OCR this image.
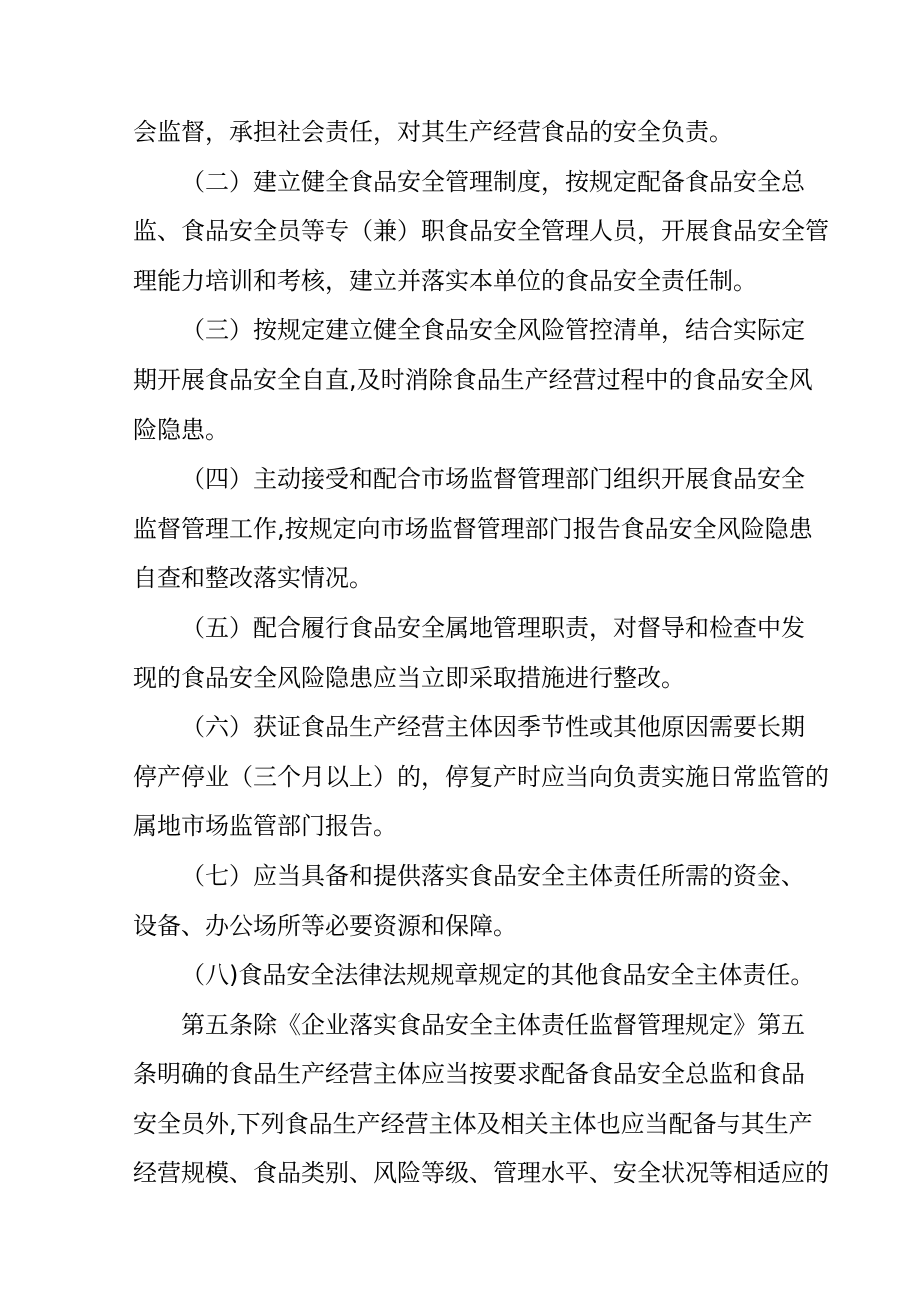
会监督，承担社会责任，对其生产经营食品的安全负责。
（二）建立健全食品安全管理制度，按规定配备食品安全总
监、食品安全员等专（兼）职食品安全管理人员，开展食品安全管
理能力培训和考核，建立并落实本单位的食品安全责任制。
（三）按规定建立健全食品安全风险管控清单，结合实际定
期开展食品安全自直,及时消除食品生产经营过程中的食品安全风
险隐患。
（四）主动接受和配合市场监督管理部门组织开展食品安全
监督管理工作,按规定向市场监督管理部门报告食品安全风险隐患
自查和整改落实情况。
（五）配合履行食品安全属地管理职责，对督导和检查中发
现的食品安全风险隐患应当立即采取措施进行整改。
（六）获证食品生产经营主体因季节性或其他原因需要长期
停产停业（三个月以上）的，停复产时应当向负责实施日常监管的
属地市场监管部门报告。
（七）应当具备和提供落实食品安全主体责任所需的资金、
设备、办公场所等必要资源和保障。
（八)食品安全法律法规规章规定的其他食品安全主体责任。
第五条除《企业落实食品安全主体责任监督管理规定》第五
条明确的食品生产经营主体应当按要求配备食品安全总监和食品
安全员外,下列食品生产经营主体及相关主体也应当配备与其生产
经营规模、食品类别、风险等级、管理水平、安全状况等相适应的
